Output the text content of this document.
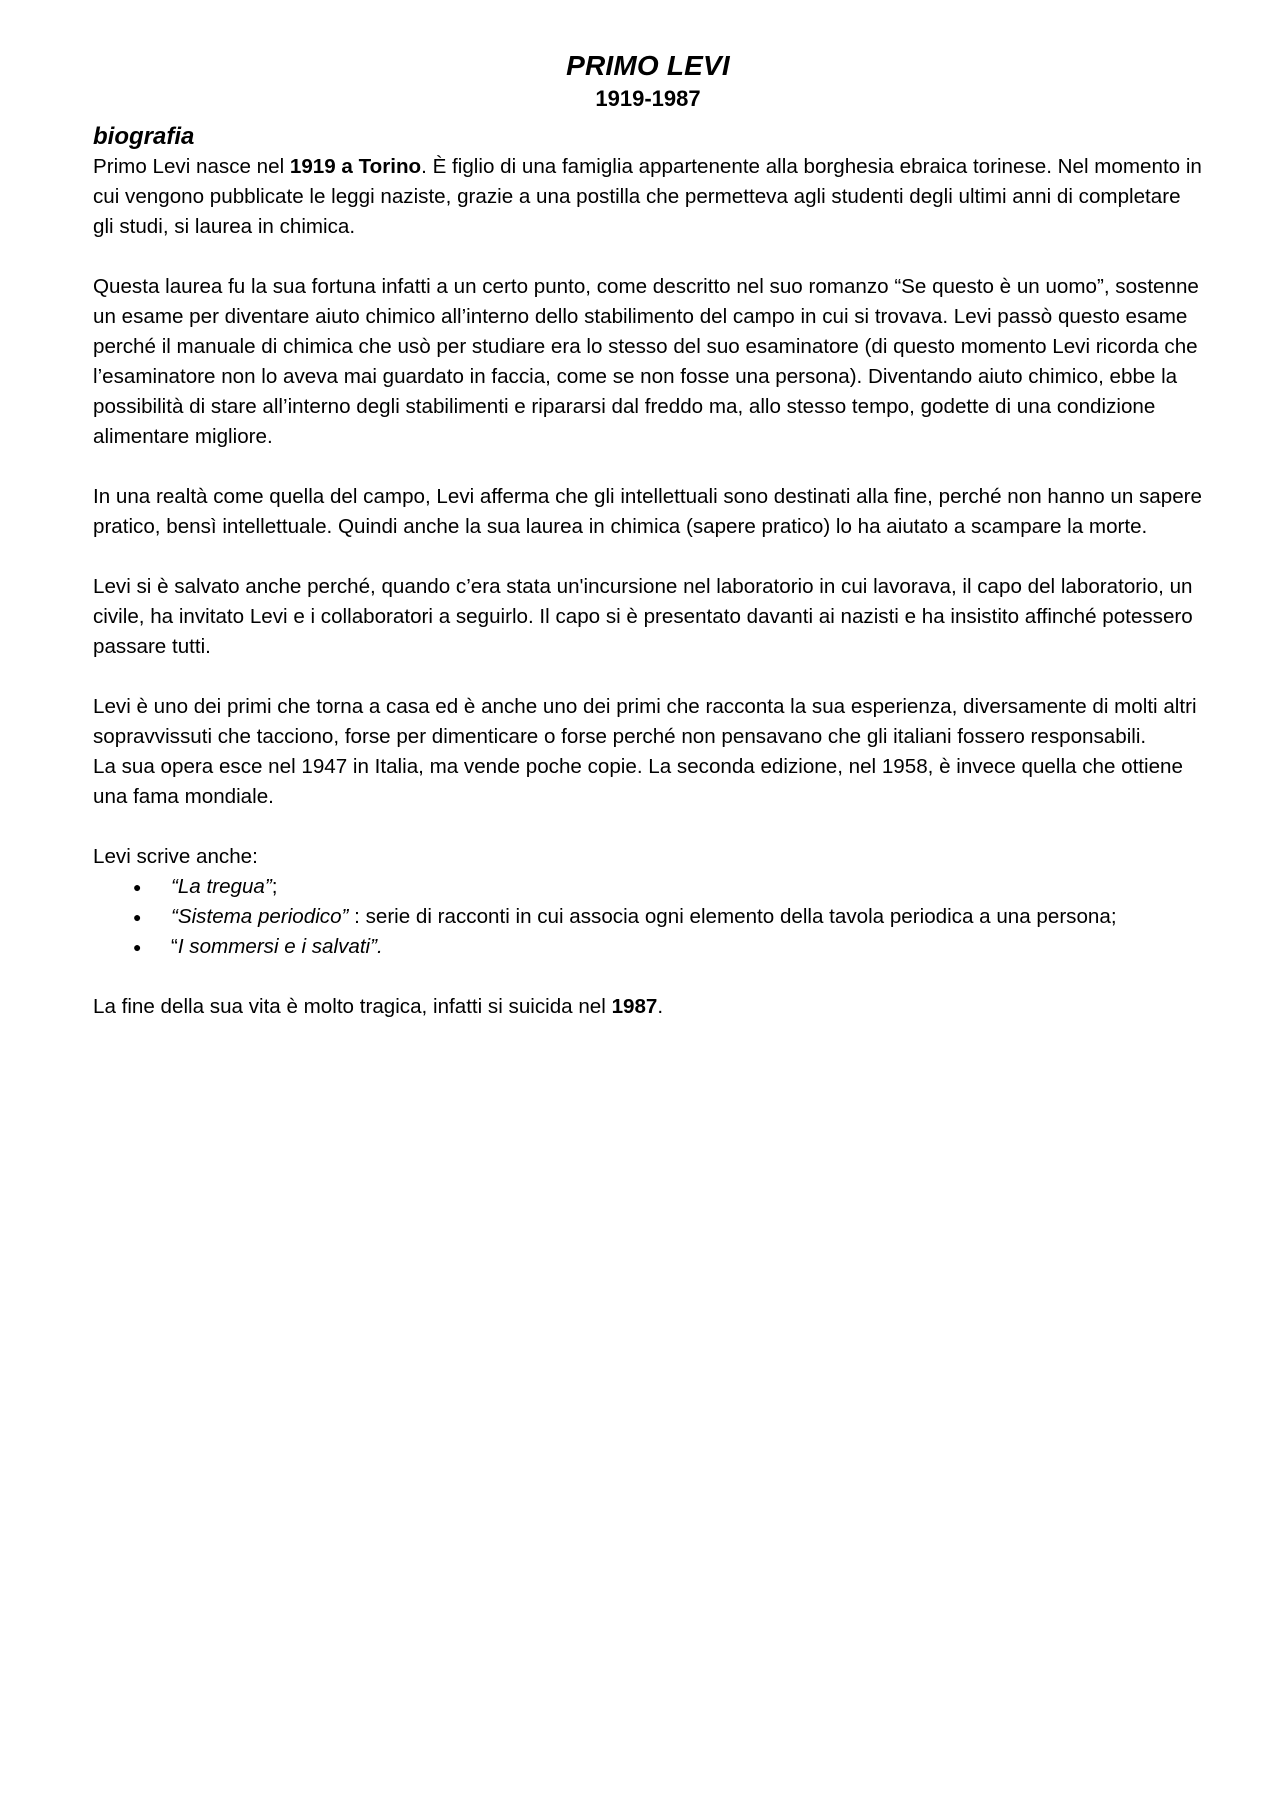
PRIMO LEVI
1919-1987
biografia

Primo Levi nasce nel 1919 a Torino. È figlio di una famiglia appartenente alla borghesia ebraica torinese. Nel momento in cui vengono pubblicate le leggi naziste, grazie a una postilla che permetteva agli studenti degli ultimi anni di completare gli studi, si laurea in chimica.

Questa laurea fu la sua fortuna infatti a un certo punto, come descritto nel suo romanzo “Se questo è un uomo”, sostenne un esame per diventare aiuto chimico all’interno dello stabilimento del campo in cui si trovava. Levi passò questo esame perché il manuale di chimica che usò per studiare era lo stesso del suo esaminatore (di questo momento Levi ricorda che l’esaminatore non lo aveva mai guardato in faccia, come se non fosse una persona). Diventando aiuto chimico, ebbe la possibilità di stare all’interno degli stabilimenti e ripararsi dal freddo ma, allo stesso tempo, godette di una condizione alimentare migliore.

In una realtà come quella del campo, Levi afferma che gli intellettuali sono destinati alla fine, perché non hanno un sapere pratico, bensì intellettuale. Quindi anche la sua laurea in chimica (sapere pratico) lo ha aiutato a scampare la morte.

Levi si è salvato anche perché, quando c’era stata un'incursione nel laboratorio in cui lavorava, il capo del laboratorio, un civile, ha invitato Levi e i collaboratori a seguirlo. Il capo si è presentato davanti ai nazisti e ha insistito affinché potessero passare tutti.

Levi è uno dei primi che torna a casa ed è anche uno dei primi che racconta la sua esperienza, diversamente di molti altri sopravvissuti che tacciono, forse per dimenticare o forse perché non pensavano che gli italiani fossero responsabili.

La sua opera esce nel 1947 in Italia, ma vende poche copie. La seconda edizione, nel 1958, è invece quella che ottiene una fama mondiale.

Levi scrive anche:

● “La tregua”;
● “Sistema periodico” : serie di racconti in cui associa ogni elemento della tavola periodica a una persona;
● “I sommersi e i salvati”.

La fine della sua vita è molto tragica, infatti si suicida nel 1987.
